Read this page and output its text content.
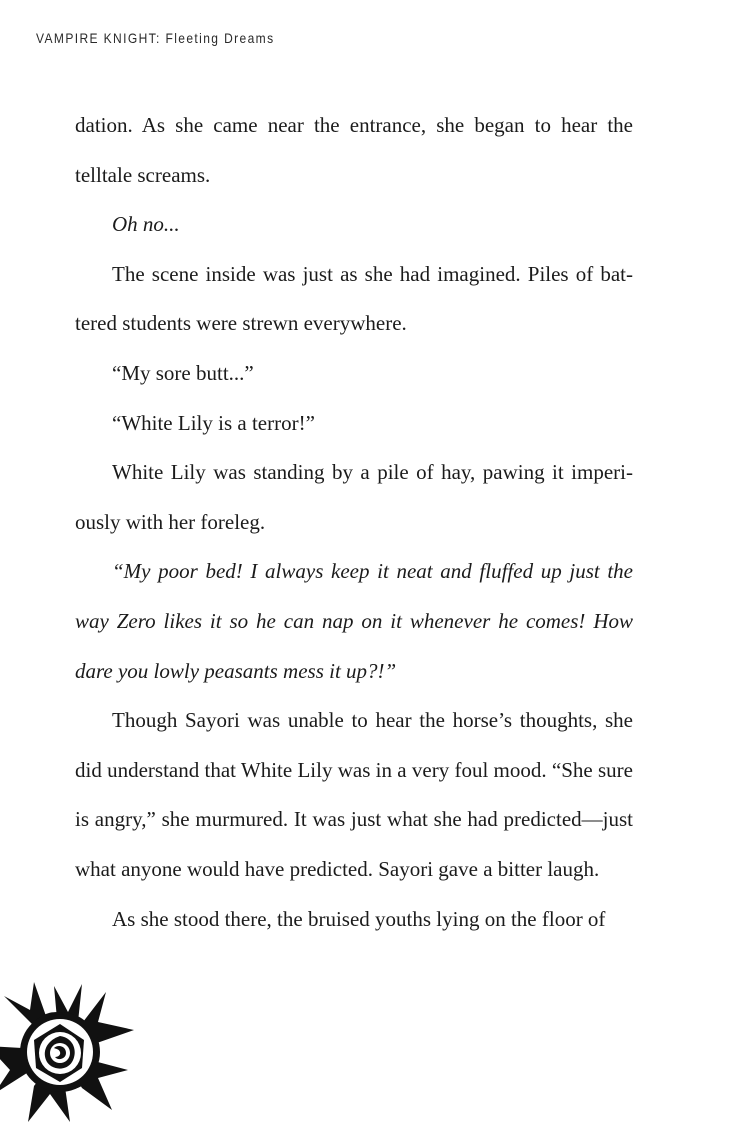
VAMPIRE KNIGHT: Fleeting Dreams

dation. As she came near the entrance, she began to hear the telltale screams.

Oh no...

The scene inside was just as she had imagined. Piles of battered students were strewn everywhere.

“My sore butt...”

“White Lily is a terror!”

White Lily was standing by a pile of hay, pawing it imperiously with her foreleg.

“My poor bed! I always keep it neat and fluffed up just the way Zero likes it so he can nap on it whenever he comes! How dare you lowly peasants mess it up?!”

Though Sayori was unable to hear the horse’s thoughts, she did understand that White Lily was in a very foul mood. “She sure is angry,” she murmured. It was just what she had predicted—just what anyone would have predicted. Sayori gave a bitter laugh.

As she stood there, the bruised youths lying on the floor of
